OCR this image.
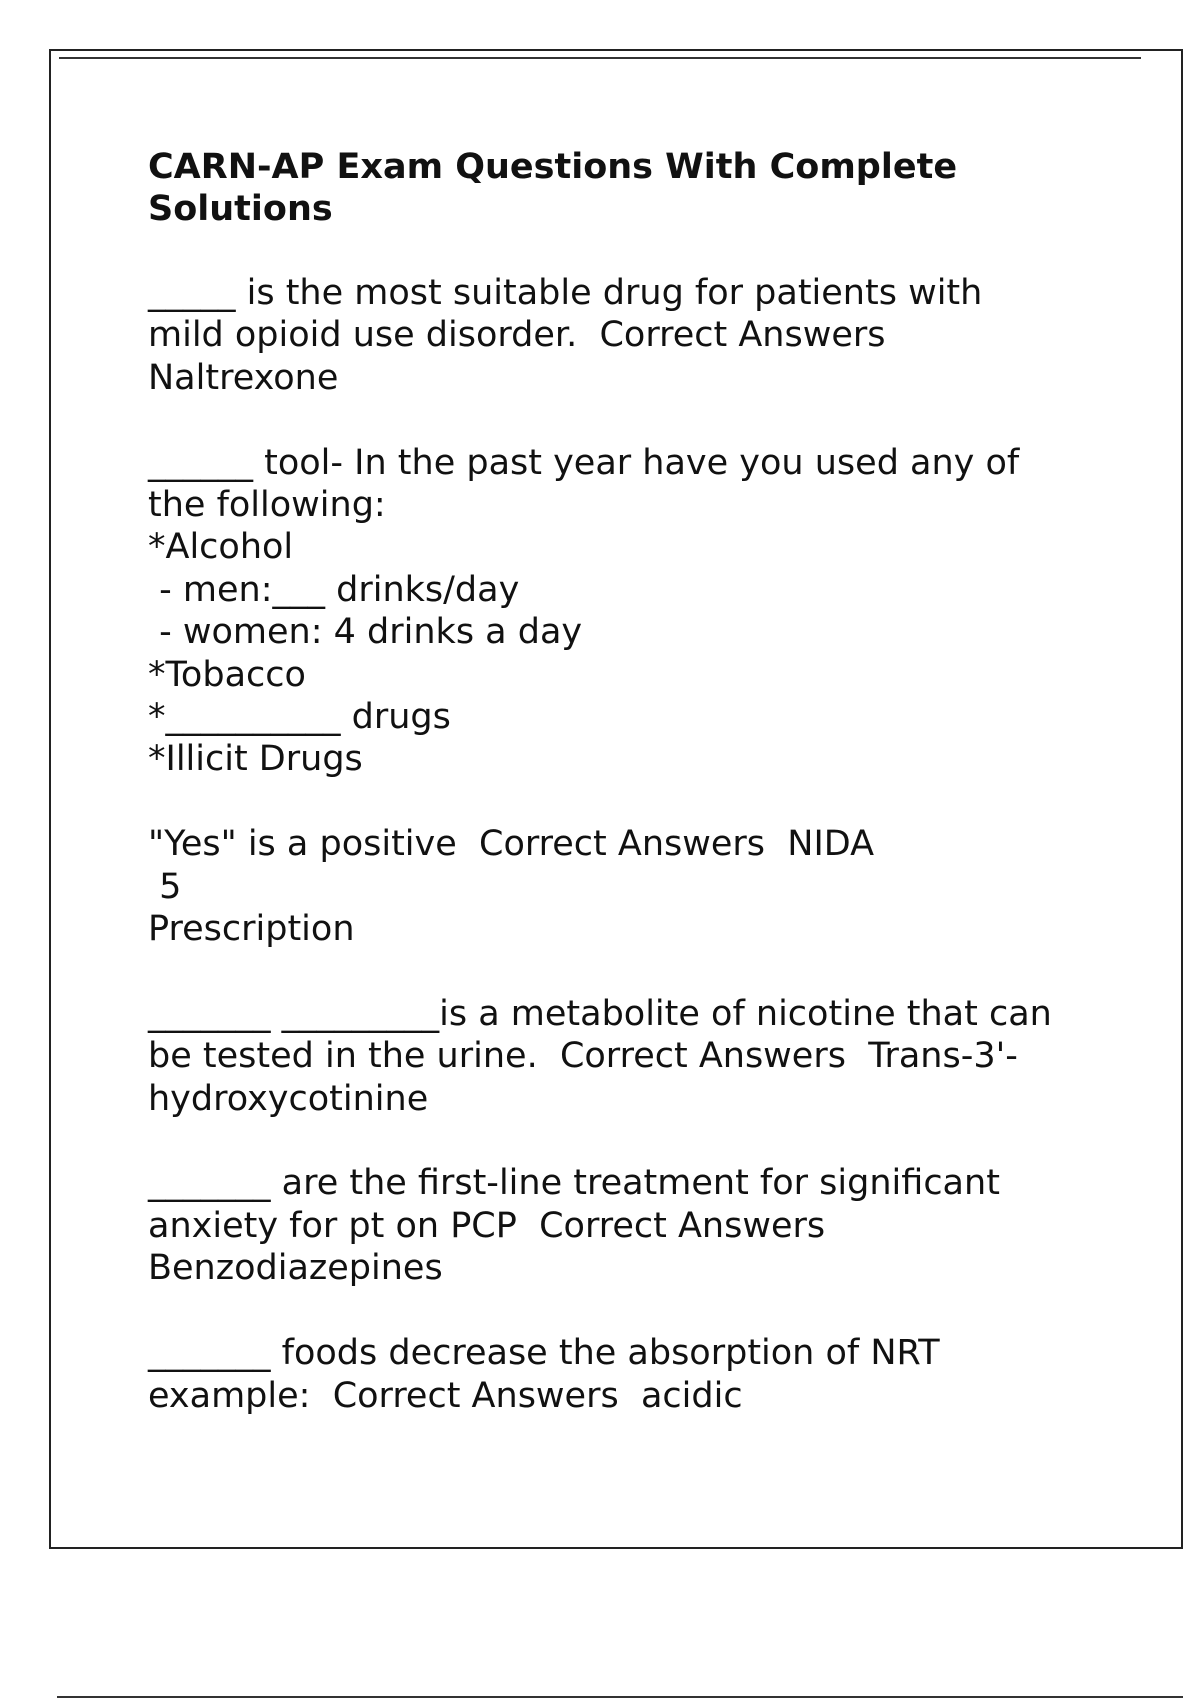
CARN-AP Exam Questions With Complete
Solutions
_____ is the most suitable drug for patients with
mild opioid use disorder.  Correct Answers
Naltrexone
______ tool- In the past year have you used any of
the following:
*Alcohol
- men:___ drinks/day
- women: 4 drinks a day
*Tobacco
*__________ drugs
*Illicit Drugs

"Yes" is a positive  Correct Answers  NIDA
5
Prescription
_______ _________is a metabolite of nicotine that can
be tested in the urine.  Correct Answers  Trans-3'-
hydroxycotinine
_______ are the first-line treatment for significant
anxiety for pt on PCP  Correct Answers
Benzodiazepines
_______ foods decrease the absorption of NRT
example:  Correct Answers  acidic
